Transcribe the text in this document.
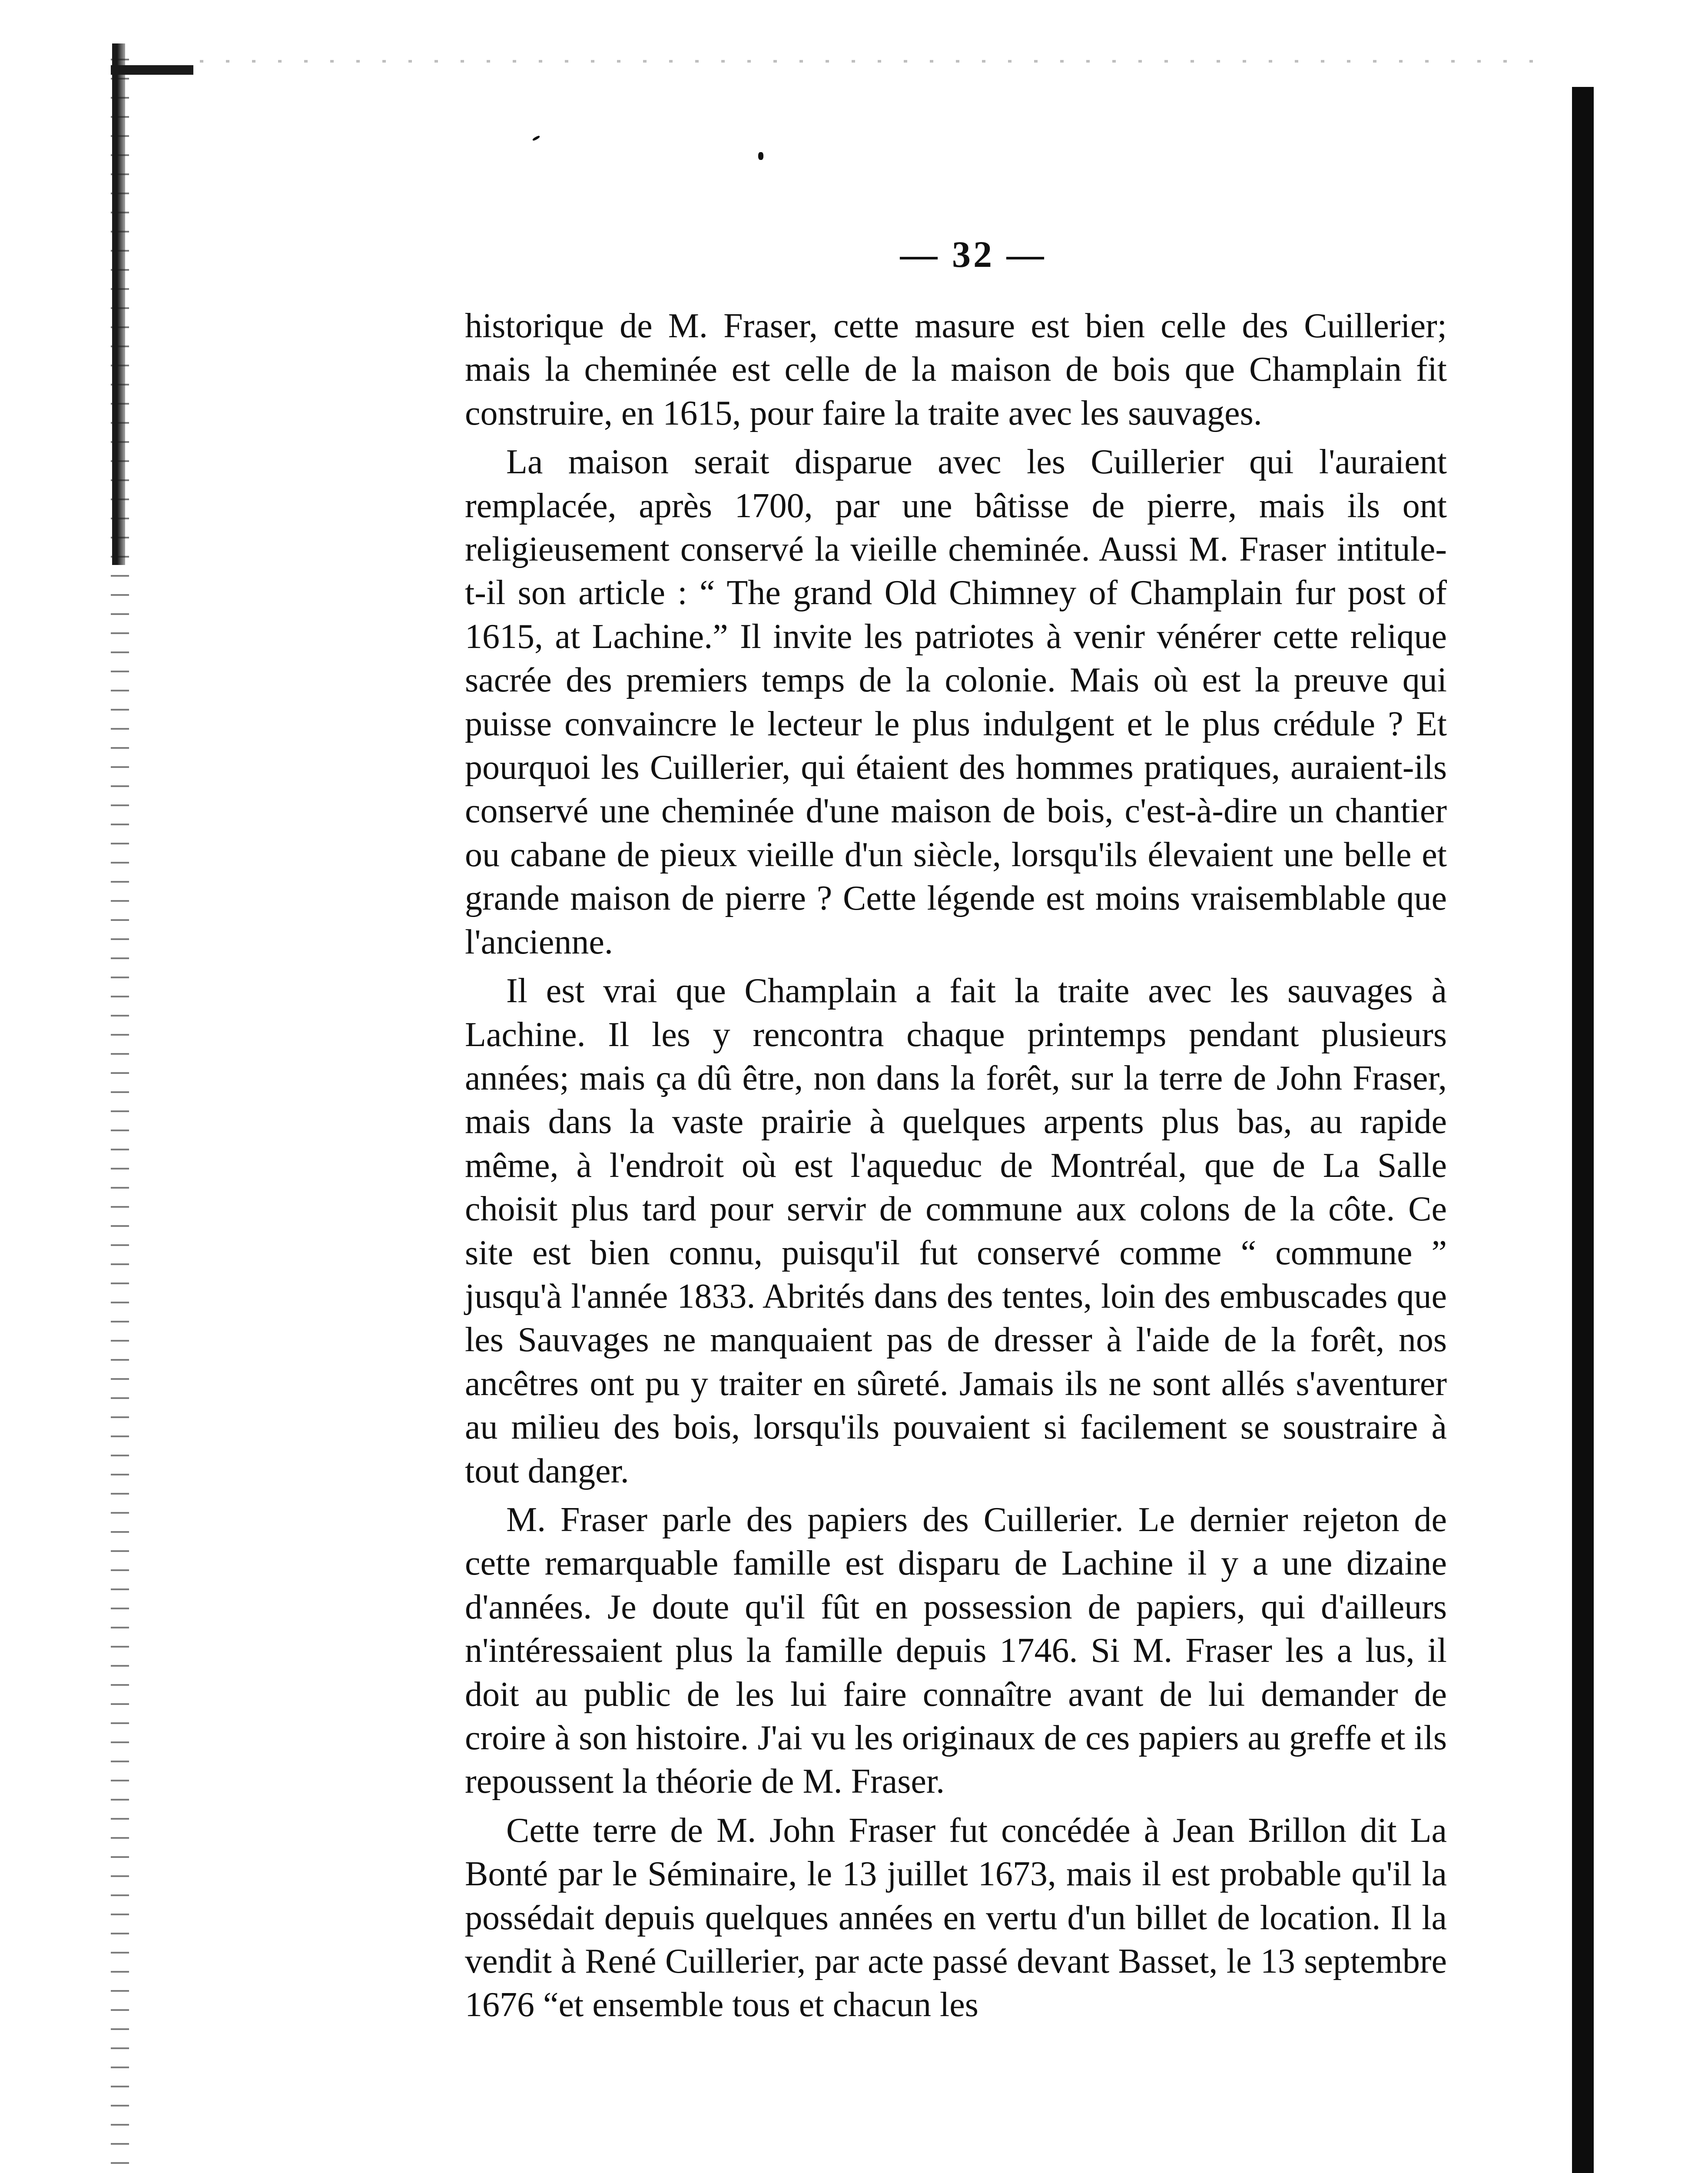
— 32 —

historique de M. Fraser, cette masure est bien celle des Cuillerier; mais la cheminée est celle de la maison de bois que Champlain fit construire, en 1615, pour faire la traite avec les sauvages.

La maison serait disparue avec les Cuillerier qui l'auraient remplacée, après 1700, par une bâtisse de pierre, mais ils ont religieusement conservé la vieille cheminée. Aussi M. Fraser intitule-t-il son article : “ The grand Old Chimney of Champlain fur post of 1615, at Lachine.” Il invite les patriotes à venir vénérer cette relique sacrée des premiers temps de la colonie. Mais où est la preuve qui puisse convaincre le lecteur le plus indulgent et le plus crédule ? Et pourquoi les Cuillerier, qui étaient des hommes pratiques, auraient-ils conservé une cheminée d'une maison de bois, c'est-à-dire un chantier ou cabane de pieux vieille d'un siècle, lorsqu'ils élevaient une belle et grande maison de pierre ? Cette légende est moins vraisemblable que l'ancienne.

Il est vrai que Champlain a fait la traite avec les sauvages à Lachine. Il les y rencontra chaque printemps pendant plusieurs années; mais ça dû être, non dans la forêt, sur la terre de John Fraser, mais dans la vaste prairie à quelques arpents plus bas, au rapide même, à l'endroit où est l'aqueduc de Montréal, que de La Salle choisit plus tard pour servir de commune aux colons de la côte. Ce site est bien connu, puisqu'il fut conservé comme “ commune ” jusqu'à l'année 1833. Abrités dans des tentes, loin des embuscades que les Sauvages ne manquaient pas de dresser à l'aide de la forêt, nos ancêtres ont pu y traiter en sûreté. Jamais ils ne sont allés s'aventurer au milieu des bois, lorsqu'ils pouvaient si facilement se soustraire à tout danger.

M. Fraser parle des papiers des Cuillerier. Le dernier rejeton de cette remarquable famille est disparu de Lachine il y a une dizaine d'années. Je doute qu'il fût en possession de papiers, qui d'ailleurs n'intéressaient plus la famille depuis 1746. Si M. Fraser les a lus, il doit au public de les lui faire connaître avant de lui demander de croire à son histoire. J'ai vu les originaux de ces papiers au greffe et ils repoussent la théorie de M. Fraser.

Cette terre de M. John Fraser fut concédée à Jean Brillon dit La Bonté par le Séminaire, le 13 juillet 1673, mais il est probable qu'il la possédait depuis quelques années en vertu d'un billet de location. Il la vendit à René Cuillerier, par acte passé devant Basset, le 13 septembre 1676 “et ensemble tous et chacun les
